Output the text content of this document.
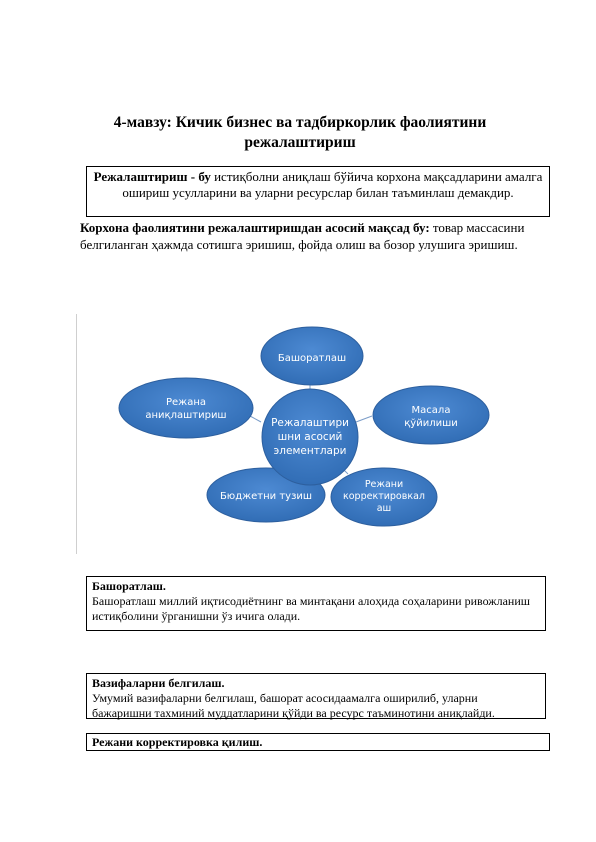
4-мавзу: Кичик бизнес ва тадбиркорлик фаолиятини
режалаштириш
Режалаштириш - бу истиқболни аниқлаш бўйича корхона мақсадларини амалга ошириш усулларини ва уларни ресурслар билан таъминлаш демакдир.
Корхона фаолиятини режалаштиришдан асосий мақсад бу: товар массасини белгиланган ҳажмда сотишга эришиш, фойда олиш ва бозор улушига эришиш.
Башоратлаш
Режана
аниқлаштириш	Масала
қўйилиши
Бюджетни тузиш
Режани
корректировкал
аш
Режалаштири
шни асосий
элементлари
Башоратлаш.
Башоратлаш миллий иқтисодиётнинг ва минтақани алоҳида соҳаларини ривожланиш истиқболини ўрганишни ўз ичига олади.
Вазифаларни белгилаш.
Умумий вазифаларни белгилаш, башорат асосидаамалга оширилиб, уларни бажаришни тахминий муддатларини қўйди ва ресурс таъминотини аниқлайди.
Режани корректировка қилиш.
